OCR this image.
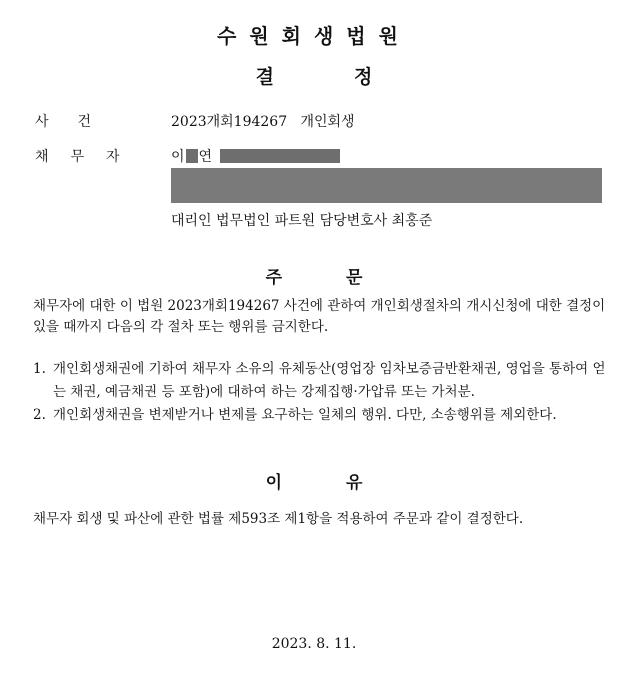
수원회생법원
결	정
사건	2023개회194267   개인회생
채무자 이 연
대리인 법무법인 파트원 담당변호사 최홍준
주	문

채무자에 대한 이 법원 2023개회194267 사건에 관하여 개인회생절차의 개시신청에 대한 결정이 있을 때까지 다음의 각 절차 또는 행위를 금지한다.

1. 개인회생채권에 기하여 채무자 소유의 유체동산(영업장 임차보증금반환채권, 영업을 통하여 얻는 채권, 예금채권 등 포함)에 대하여 하는 강제집행·가압류 또는 가처분.
2. 개인회생채권을 변제받거나 변제를 요구하는 일체의 행위. 다만, 소송행위를 제외한다.
이	유

채무자 회생 및 파산에 관한 법률 제593조 제1항을 적용하여 주문과 같이 결정한다.

2023. 8. 11.
